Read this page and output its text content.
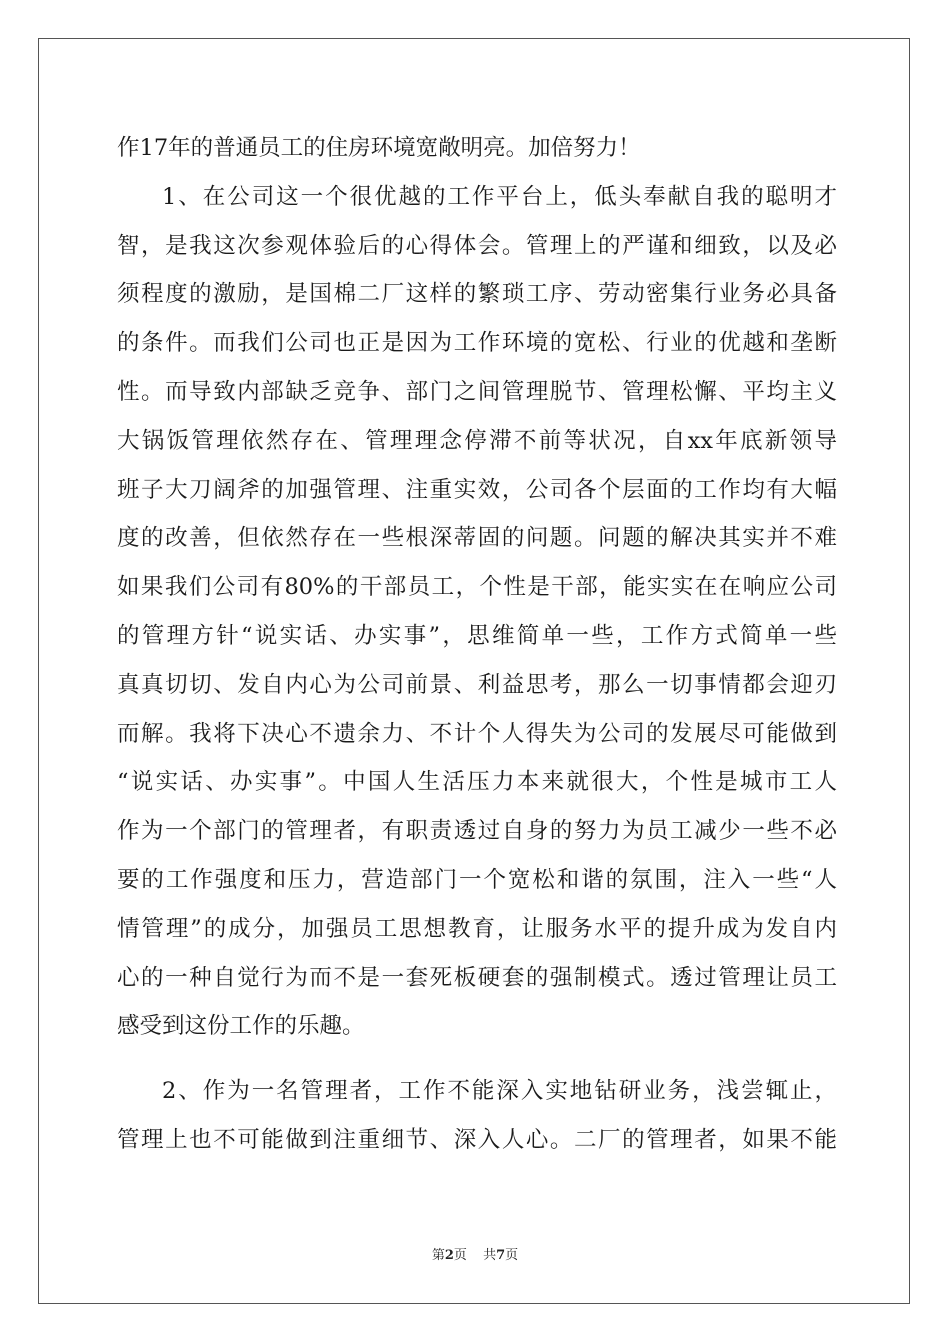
作17年的普通员工的住房环境宽敞明亮。加倍努力！
1、在公司这一个很优越的工作平台上，低头奉献自我的聪明才
智，是我这次参观体验后的心得体会。管理上的严谨和细致，以及必
须程度的激励，是国棉二厂这样的繁琐工序、劳动密集行业务必具备
的条件。而我们公司也正是因为工作环境的宽松、行业的优越和垄断
性。而导致内部缺乏竞争、部门之间管理脱节、管理松懈、平均主义
大锅饭管理依然存在、管理理念停滞不前等状况，自xx年底新领导
班子大刀阔斧的加强管理、注重实效，公司各个层面的工作均有大幅
度的改善，但依然存在一些根深蒂固的问题。问题的解决其实并不难
如果我们公司有80%的干部员工，个性是干部，能实实在在响应公司
的管理方针“说实话、办实事”，思维简单一些，工作方式简单一些
真真切切、发自内心为公司前景、利益思考，那么一切事情都会迎刃
而解。我将下决心不遗余力、不计个人得失为公司的发展尽可能做到
“说实话、办实事”。中国人生活压力本来就很大，个性是城市工人
作为一个部门的管理者，有职责透过自身的努力为员工减少一些不必
要的工作强度和压力，营造部门一个宽松和谐的氛围，注入一些“人
情管理”的成分，加强员工思想教育，让服务水平的提升成为发自内
心的一种自觉行为而不是一套死板硬套的强制模式。透过管理让员工
感受到这份工作的乐趣。
2、作为一名管理者，工作不能深入实地钻研业务，浅尝辄止，
管理上也不可能做到注重细节、深入人心。二厂的管理者，如果不能
第2页 共7页
